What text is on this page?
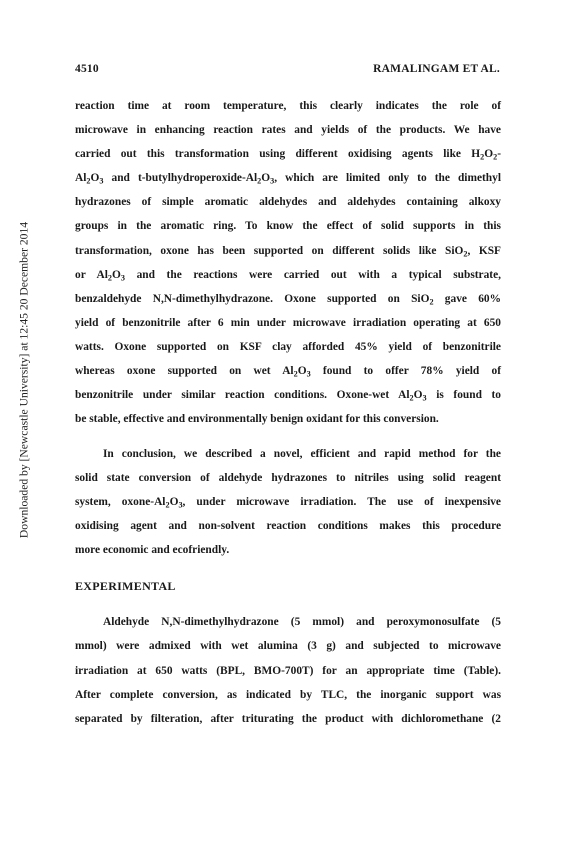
Downloaded by [Newcastle University] at 12:45 20 December 2014
4510	RAMALINGAM ET AL.
reaction time at room temperature, this clearly indicates the role of
microwave in enhancing reaction rates and yields of the products. We have
carried out this transformation using different oxidising agents like $H_2O_2-$
$Al_2O_3$ and $t-butylhydroperoxide-Al_2O_3$, which are limited only to the dimethyl
hydrazones of simple aromatic aldehydes and aldehydes containing alkoxy
groups in the aromatic ring. To know the effect of solid supports in this
transformation, oxone has been supported on different solids like SiO$_2$, KSF
or $Al_2O_3$ and the reactions were carried out with a typical substrate,
benzaldehyde N,N-dimethylhydrazone. Oxone supported on SiO$_2$ gave 60%
yield of benzonitrile after 6 min under microwave irradiation operating at 650
watts. Oxone supported on KSF clay afforded 45% yield of benzonitrile
whereas oxone supported on wet $Al_2O_3$ found to offer 78% yield of
benzonitrile under similar reaction conditions. Oxone-wet $Al_2O_3$ is found to
be stable, effective and environmentally benign oxidant for this conversion.
In conclusion, we described a novel, efficient and rapid method for the
solid state conversion of aldehyde hydrazones to nitriles using solid reagent
system, oxone-$Al_2O_3$, under microwave irradiation. The use of inexpensive
oxidising agent and non-solvent reaction conditions makes this procedure
more economic and ecofriendly.
EXPERIMENTAL
Aldehyde N,N-dimethylhydrazone (5 mmol) and peroxymonosulfate (5
mmol) were admixed with wet alumina (3 g) and subjected to microwave
irradiation at 650 watts (BPL, BMO-700T) for an appropriate time (Table).
After complete conversion, as indicated by TLC, the inorganic support was
separated by filteration, after triturating the product with dichloromethane (2
